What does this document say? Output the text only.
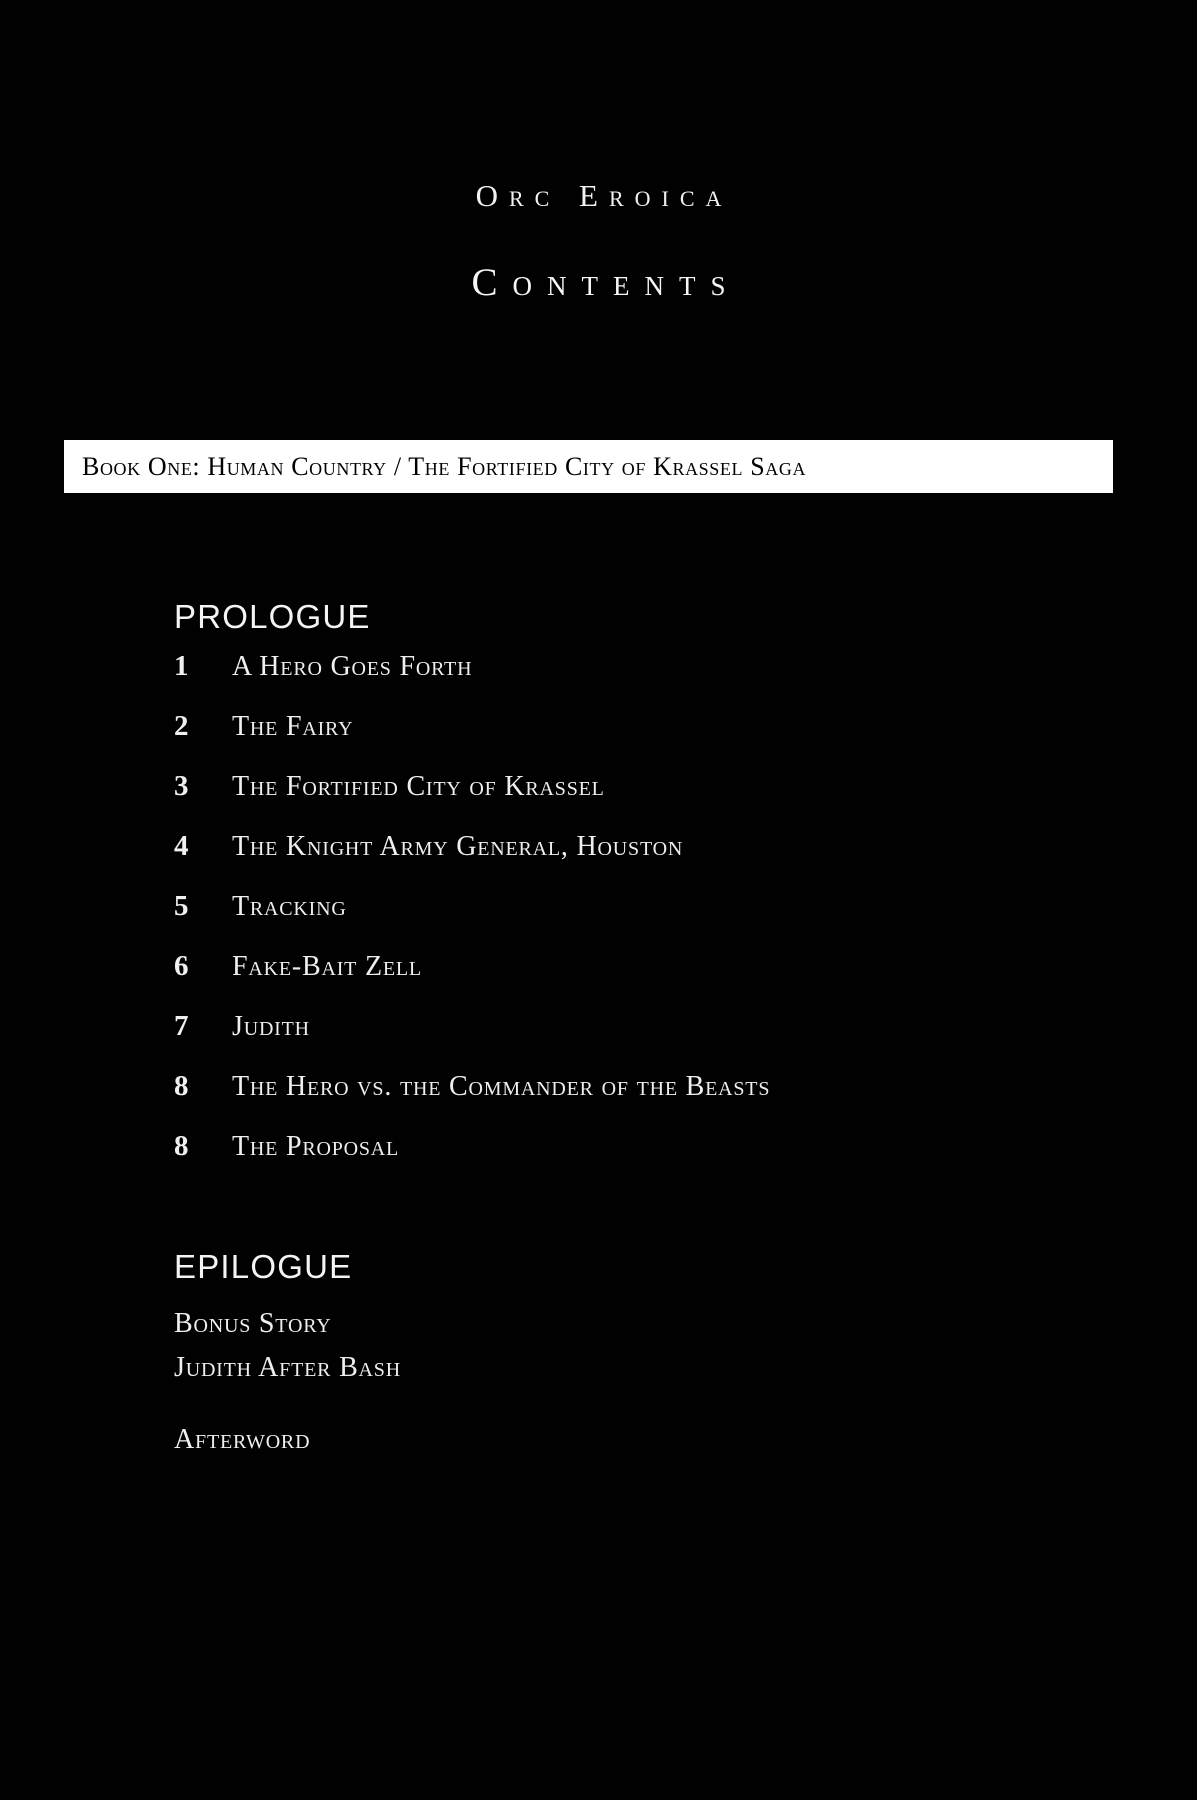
Orc Eroica
Contents
Book One: Human Country / The Fortified City of Krassel Saga
PROLOGUE
1	A Hero Goes Forth
2	The Fairy
3	The Fortified City of Krassel
4	The Knight Army General, Houston
5	Tracking
6	Fake-Bait Zell
7	Judith
8	The Hero vs. the Commander of the Beasts
8	The Proposal
EPILOGUE
Bonus Story
Judith After Bash
Afterword
